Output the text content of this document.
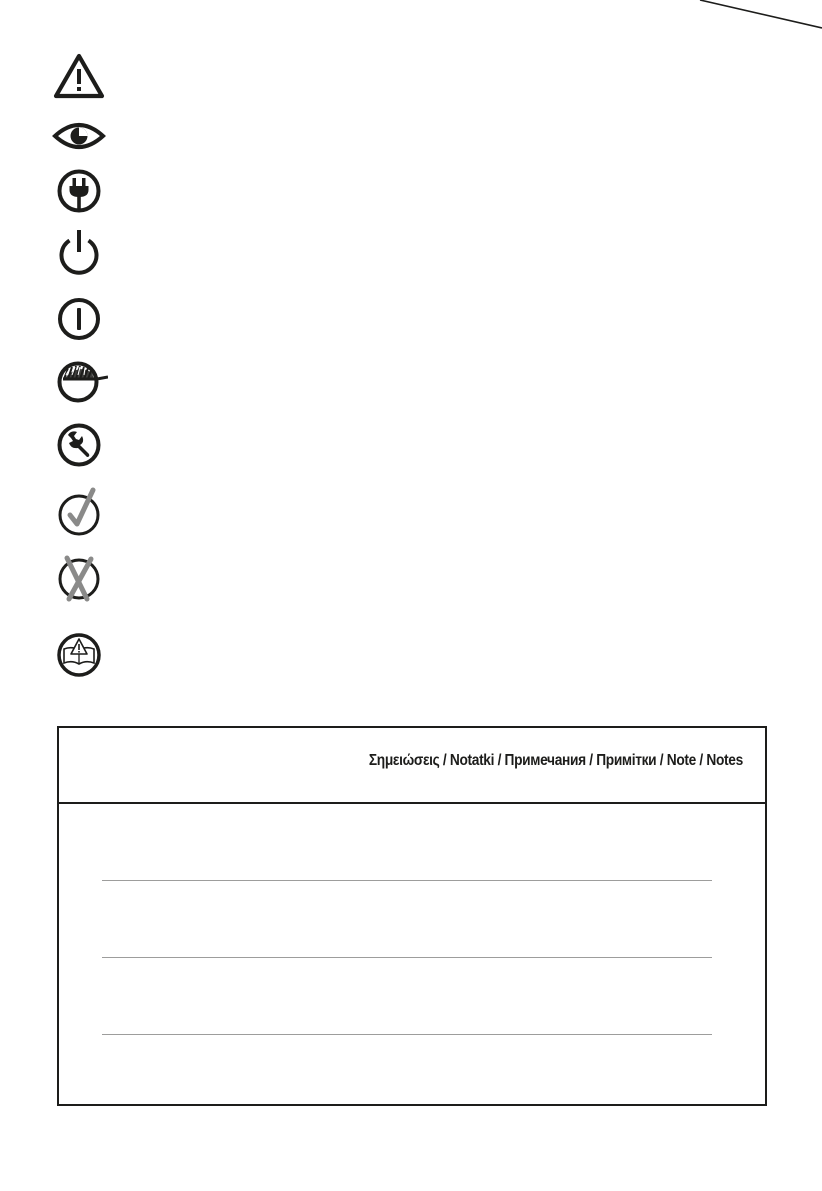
Σημειώσεις / Notatki / Примечания / Примітки / Note / Notes
